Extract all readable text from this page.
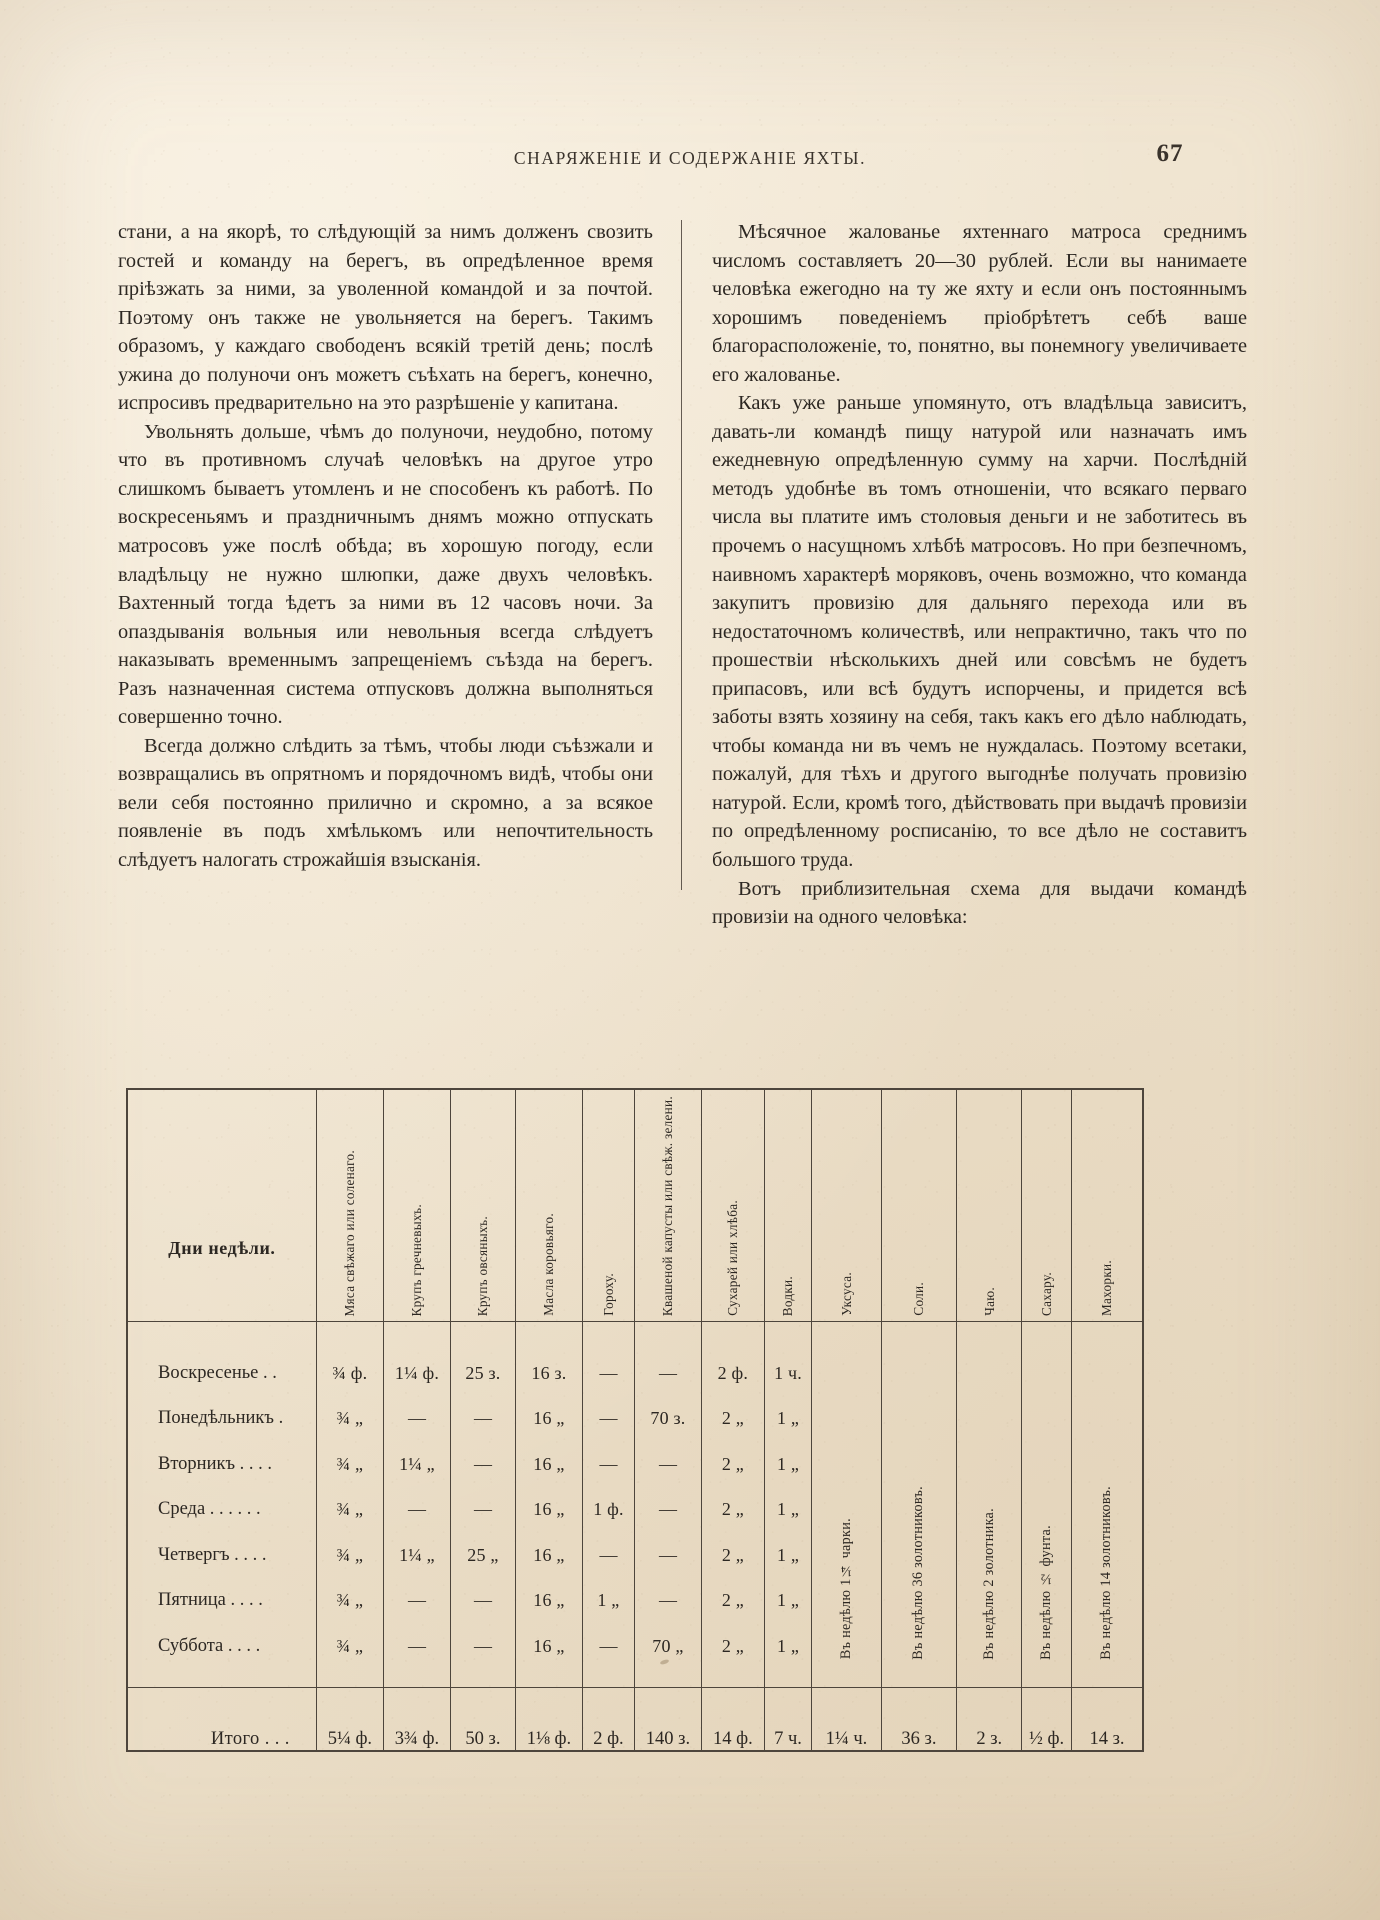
СНАРЯЖЕНІЕ И СОДЕРЖАНІЕ ЯХТЫ.	67

стани, а на якорѣ, то слѣдующій за нимъ долженъ свозить гостей и команду на берегъ, въ опредѣленное время пріѣзжать за ними, за уволенной командой и за почтой. Поэтому онъ также не увольняется на берегъ. Такимъ образомъ, у каждаго свободенъ всякій третій день; послѣ ужина до полуночи онъ можетъ съѣхать на берегъ, конечно, испросивъ предварительно на это разрѣшеніе у капитана.

Увольнять дольше, чѣмъ до полуночи, неудобно, потому что въ противномъ случаѣ человѣкъ на другое утро слишкомъ бываетъ утомленъ и не способенъ къ работѣ. По воскресеньямъ и праздничнымъ днямъ можно отпускать матросовъ уже послѣ обѣда; въ хорошую погоду, если владѣльцу не нужно шлюпки, даже двухъ человѣкъ. Вахтенный тогда ѣдетъ за ними въ 12 часовъ ночи. За опаздыванія вольныя или невольныя всегда слѣдуетъ наказывать временнымъ запрещеніемъ съѣзда на берегъ. Разъ назначенная система отпусковъ должна выполняться совершенно точно.

Всегда должно слѣдить за тѣмъ, чтобы люди съѣзжали и возвращались въ опрятномъ и порядочномъ видѣ, чтобы они вели себя постоянно прилично и скромно, а за всякое появленіе въ подъ хмѣлькомъ или непочтительность слѣдуетъ налогать строжайшія взысканія.

Мѣсячное жалованье яхтеннаго матроса среднимъ числомъ составляетъ 20—30 рублей. Если вы нанимаете человѣка ежегодно на ту же яхту и если онъ постояннымъ хорошимъ поведеніемъ пріобрѣтетъ себѣ ваше благорасположеніе, то, понятно, вы понемногу увеличиваете его жалованье.

Какъ уже раньше упомянуто, отъ владѣльца зависитъ, давать-ли командѣ пищу натурой или назначать имъ ежедневную опредѣленную сумму на харчи. Послѣдній методъ удобнѣе въ томъ отношеніи, что всякаго перваго числа вы платите имъ столовыя деньги и не заботитесь въ прочемъ о насущномъ хлѣбѣ матросовъ. Но при безпечномъ, наивномъ характерѣ моряковъ, очень возможно, что команда закупитъ провизію для дальняго перехода или въ недостаточномъ количествѣ, или непрактично, такъ что по прошествіи нѣсколькихъ дней или совсѣмъ не будетъ припасовъ, или всѣ будутъ испорчены, и придется всѣ заботы взять хозяину на себя, такъ какъ его дѣло наблюдать, чтобы команда ни въ чемъ не нуждалась. Поэтому всетаки, пожалуй, для тѣхъ и другого выгоднѣе получать провизію натурой. Если, кромѣ того, дѣйствовать при выдачѣ провизіи по опредѣленному росписанію, то все дѣло не составитъ большого труда.

Вотъ приблизительная схема для выдачи командѣ провизіи на одного человѣка:

Дни недѣли.	Мяса свѣжаго или соленаго.	Крупъ гречневыхъ.	Крупъ овсяныхъ.	Масла коровьяго.	Гороху.	Квашеной капусты или свѣж. зелени.	Сухарей или хлѣба.	Водки.	Уксуса.	Соли.	Чаю.	Сахару.	Махорки.
Воскресенье . .	¾ ф.	1¼ ф.	25 з.	16 з.	—	—	2 ф.	1 ч.	Въ недѣлю 1¼ чарки.	Въ недѣлю 36 золотниковъ.	Въ недѣлю 2 золотника.	Въ недѣлю ½ фунта.	Въ недѣлю 14 золотниковъ.
Понедѣльникъ .	¾ „	—	—	16 „	—	70 з.	2 „	1 „					
Вторникъ . . . .	¾ „	1¼ „	—	16 „	—	—	2 „	1 „					
Среда . . . . . .	¾ „	—	—	16 „	1 ф.	—	2 „	1 „					
Четвергъ . . . .	¾ „	1¼ „	25 „	16 „	—	—	2 „	1 „					
Пятница . . . .	¾ „	—	—	16 „	1 „	—	2 „	1 „					
Суббота . . . .	¾ „	—	—	16 „	—	70 „	2 „	1 „					

Итого . . .	5¼ ф.	3¾ ф.	50 з.	1⅛ ф.	2 ф.	140 з.	14 ф.	7 ч.	1¼ ч.	36 з.	2 з.	½ ф.	14 з.
